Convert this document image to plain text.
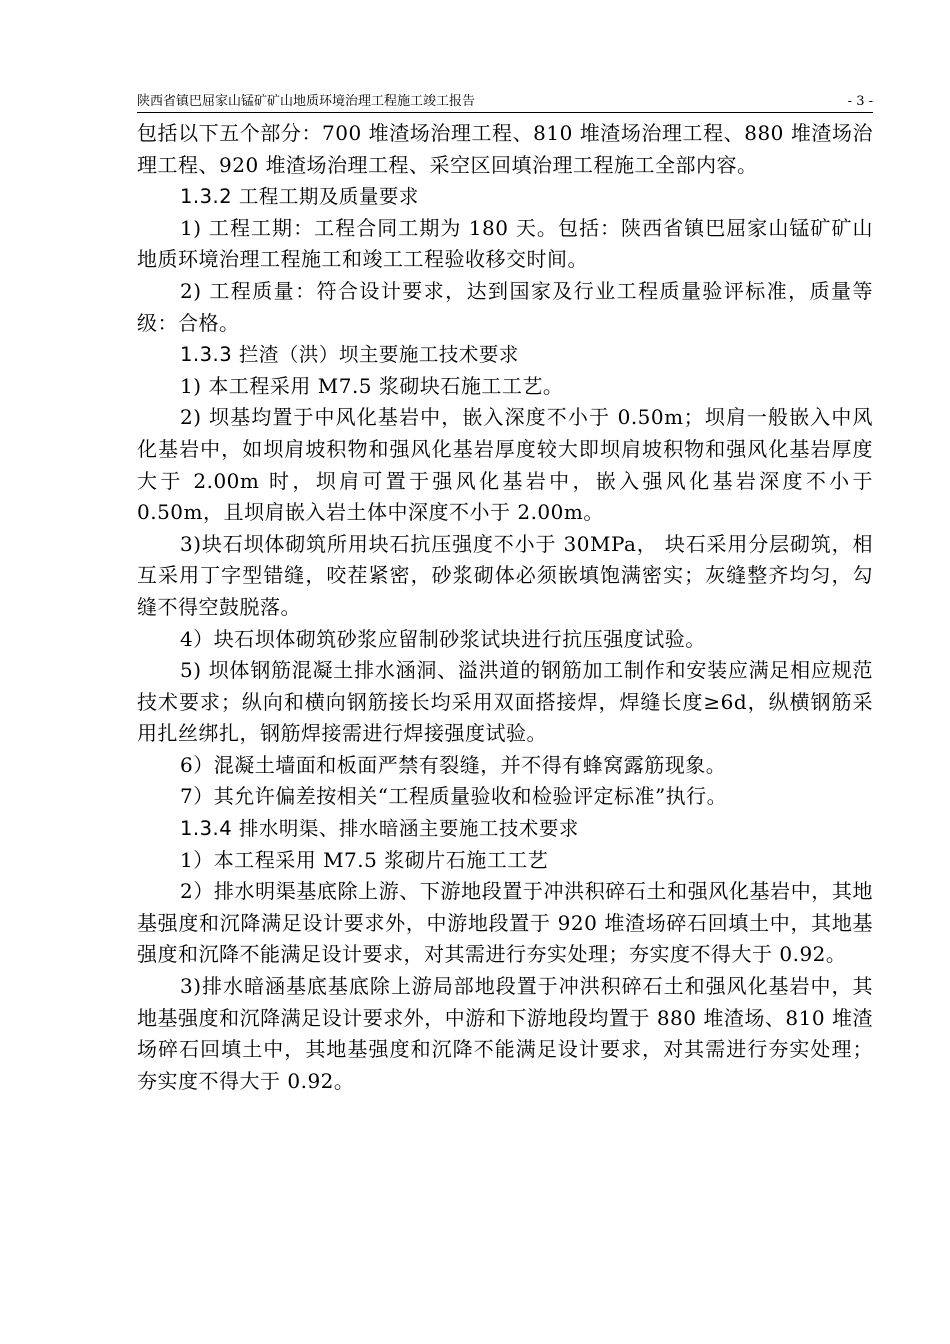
陕西省镇巴屈家山锰矿矿山地质环境治理工程施工竣工报告	- 3 -

包括以下五个部分：700 堆渣场治理工程、810 堆渣场治理工程、880 堆渣场治理工程、920 堆渣场治理工程、采空区回填治理工程施工全部内容。

1.3.2 工程工期及质量要求

1) 工程工期：工程合同工期为 180 天。包括：陕西省镇巴屈家山锰矿矿山地质环境治理工程施工和竣工工程验收移交时间。

2) 工程质量：符合设计要求，达到国家及行业工程质量验评标准，质量等级：合格。

1.3.3 拦渣（洪）坝主要施工技术要求

1) 本工程采用 M7.5 浆砌块石施工工艺。

2) 坝基均置于中风化基岩中，嵌入深度不小于 0.50m；坝肩一般嵌入中风化基岩中，如坝肩坡积物和强风化基岩厚度较大即坝肩坡积物和强风化基岩厚度大于 2.00m 时，坝肩可置于强风化基岩中，嵌入强风化基岩深度不小于 0.50m，且坝肩嵌入岩土体中深度不小于 2.00m。

3)块石坝体砌筑所用块石抗压强度不小于 30MPa， 块石采用分层砌筑，相互采用丁字型错缝，咬茬紧密，砂浆砌体必须嵌填饱满密实；灰缝整齐均匀，勾缝不得空鼓脱落。

4）块石坝体砌筑砂浆应留制砂浆试块进行抗压强度试验。

5) 坝体钢筋混凝土排水涵洞、溢洪道的钢筋加工制作和安装应满足相应规范技术要求；纵向和横向钢筋接长均采用双面搭接焊，焊缝长度≥6d，纵横钢筋采用扎丝绑扎，钢筋焊接需进行焊接强度试验。

6）混凝土墙面和板面严禁有裂缝，并不得有蜂窝露筋现象。

7）其允许偏差按相关“工程质量验收和检验评定标准”执行。

1.3.4 排水明渠、排水暗涵主要施工技术要求

1）本工程采用 M7.5 浆砌片石施工工艺

2）排水明渠基底除上游、下游地段置于冲洪积碎石土和强风化基岩中，其地基强度和沉降满足设计要求外，中游地段置于 920 堆渣场碎石回填土中，其地基强度和沉降不能满足设计要求，对其需进行夯实处理；夯实度不得大于 0.92。

3)排水暗涵基底基底除上游局部地段置于冲洪积碎石土和强风化基岩中，其地基强度和沉降满足设计要求外，中游和下游地段均置于 880 堆渣场、810 堆渣场碎石回填土中，其地基强度和沉降不能满足设计要求，对其需进行夯实处理；夯实度不得大于 0.92。
